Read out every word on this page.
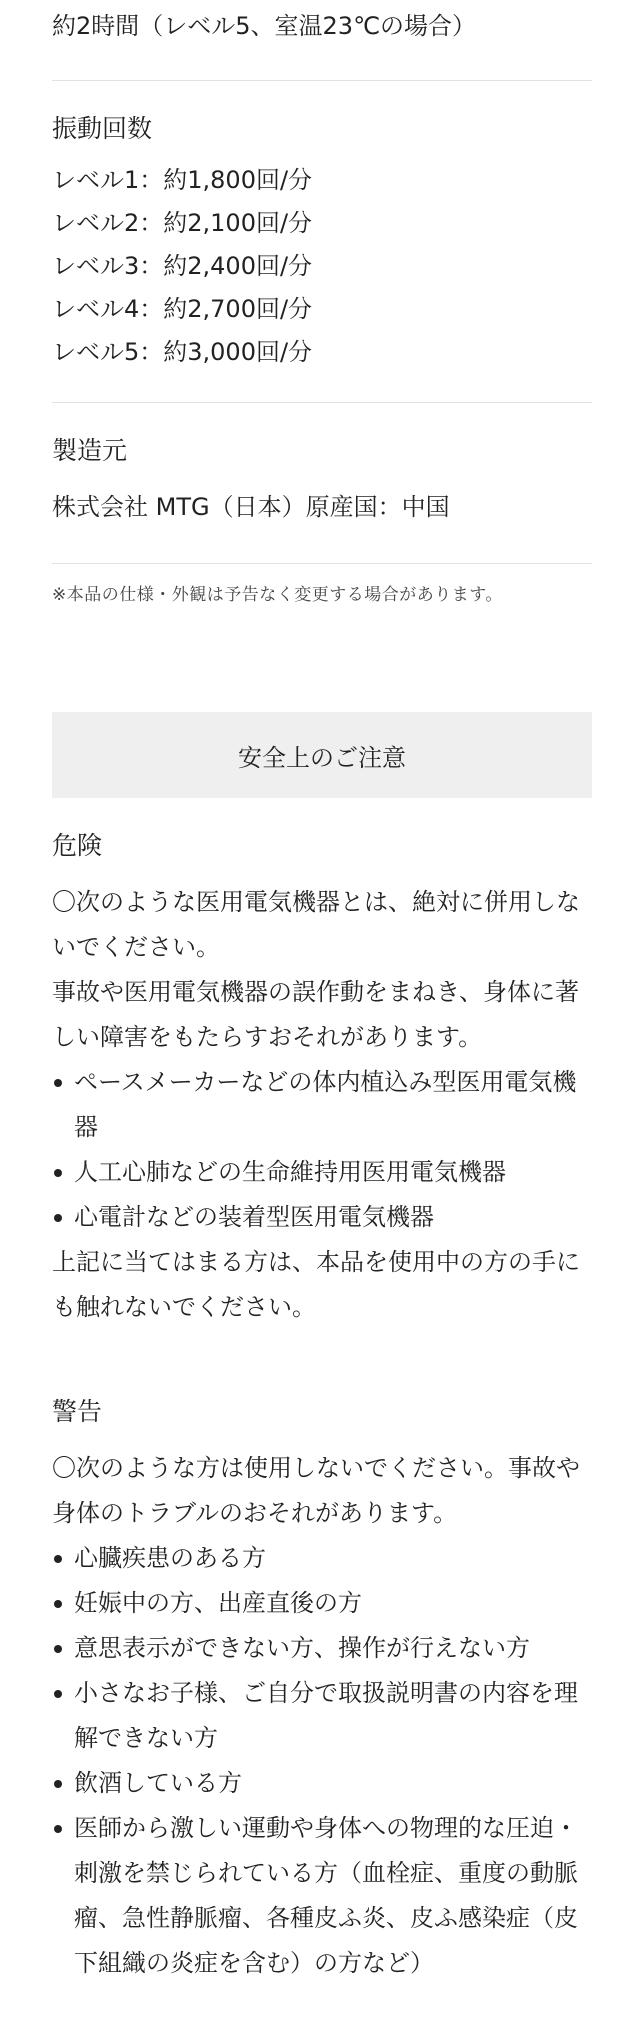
約2時間（レベル5、室温23℃の場合）
振動回数
レベル1：約1,800回/分
レベル2：約2,100回/分
レベル3：約2,400回/分
レベル4：約2,700回/分
レベル5：約3,000回/分
製造元
株式会社 MTG（日本）原産国：中国
※本品の仕様・外観は予告なく変更する場合があります。
安全上のご注意
危険

〇次のような医用電気機器とは、絶対に併用しないでください。

事故や医用電気機器の誤作動をまねき、身体に著しい障害をもたらすおそれがあります。

ペースメーカーなどの体内植込み型医用電気機器
人工心肺などの生命維持用医用電気機器
心電計などの装着型医用電気機器

上記に当てはまる方は、本品を使用中の方の手にも触れないでください。

警告

〇次のような方は使用しないでください。事故や身体のトラブルのおそれがあります。

心臓疾患のある方
妊娠中の方、出産直後の方
意思表示ができない方、操作が行えない方
小さなお子様、ご自分で取扱説明書の内容を理解できない方
飲酒している方
医師から激しい運動や身体への物理的な圧迫・刺激を禁じられている方（血栓症、重度の動脈瘤、急性静脈瘤、各種皮ふ炎、皮ふ感染症（皮下組織の炎症を含む）の方など）
